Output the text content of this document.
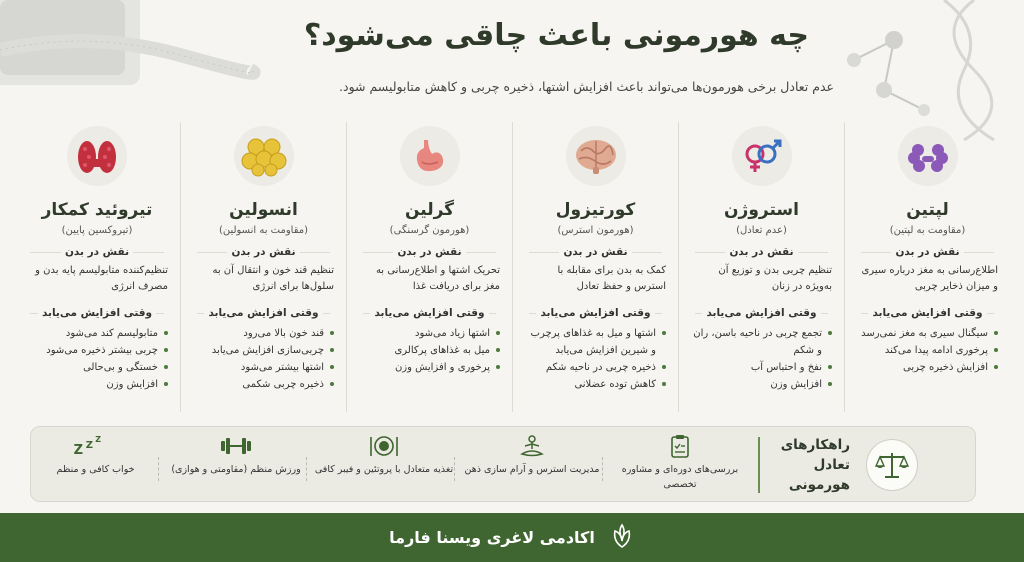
چه هورمونی باعث چاقی می‌شود؟
عدم تعادل برخی هورمون‌ها می‌تواند باعث افزایش اشتها، ذخیره چربی و کاهش متابولیسم شود.
لپتین
(مقاومت به لپتین)
نقش در بدن
اطلاع‌رسانی به مغز درباره سیری و میزان ذخایر چربی
وقتی افزایش می‌یابد
سیگنال سیری به مغز نمی‌رسد
پرخوری ادامه پیدا می‌کند
افزایش ذخیره چربی
استروژن
(عدم تعادل)
نقش در بدن
تنظیم چربی بدن و توزیع آن به‌ویژه در زنان
وقتی افزایش می‌یابد
تجمع چربی در ناحیه باسن، ران و شکم
نفخ و احتباس آب
افزایش وزن
کورتیزول
(هورمون استرس)
نقش در بدن
کمک به بدن برای مقابله با استرس و حفظ تعادل
وقتی افزایش می‌یابد
اشتها و میل به غذاهای پرچرب و شیرین افزایش می‌یابد
ذخیره چربی در ناحیه شکم
کاهش توده عضلانی
گرلین
(هورمون گرسنگی)
نقش در بدن
تحریک اشتها و اطلاع‌رسانی به مغز برای دریافت غذا
وقتی افزایش می‌یابد
اشتها زیاد می‌شود
میل به غذاهای پرکالری
پرخوری و افزایش وزن
انسولین
(مقاومت به انسولین)
نقش در بدن
تنظیم قند خون و انتقال آن به سلول‌ها برای انرژی
وقتی افزایش می‌یابد
قند خون بالا می‌رود
چربی‌سازی افزایش می‌یابد
اشتها بیشتر می‌شود
ذخیره چربی شکمی
تیروئید کمکار
(تیروکسین پایین)
نقش در بدن
تنظیم‌کننده متابولیسم پایه بدن و مصرف انرژی
وقتی افزایش می‌یابد
متابولیسم کند می‌شود
چربی بیشتر ذخیره می‌شود
خستگی و بی‌حالی
افزایش وزن
راهکارهای تعادل هورمونی
بررسی‌های دوره‌ای و مشاوره تخصصی
مدیریت استرس و آرام سازی ذهن
تغذیه متعادل با پروتئین و فیبر کافی
ورزش منظم (مقاومتی و هوازی)
Z Z
Z
خواب کافی و منظم
اکادمی لاغری ویسنا فارما
